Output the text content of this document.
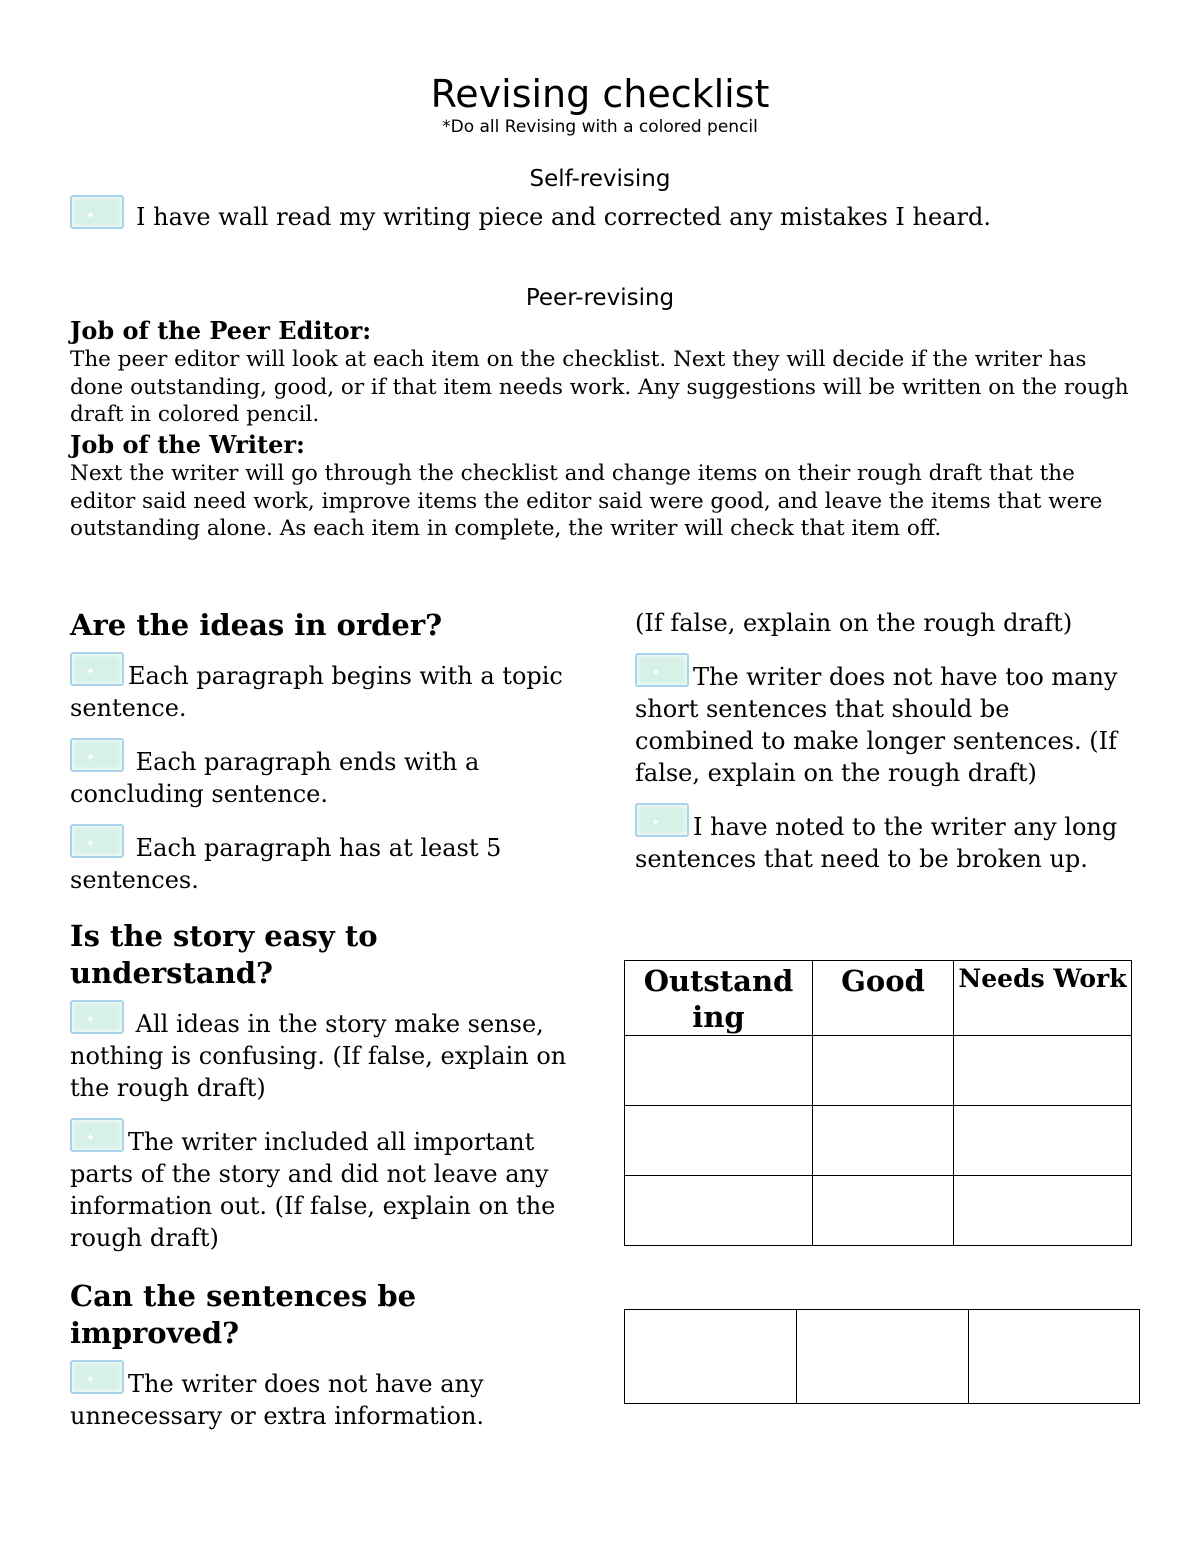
Revising checklist
*Do all Revising with a colored pencil
Self-revising
✦I have wall read my writing piece and corrected any mistakes I heard.
Peer-revising
Job of the Peer Editor:
The peer editor will look at each item on the checklist. Next they will decide if the writer has done outstanding, good, or if that item needs work. Any suggestions will be written on the rough draft in colored pencil.
Job of the Writer:
Next the writer will go through the checklist and change items on their rough draft that the editor said need work, improve items the editor said were good, and leave the items that were outstanding alone. As each item in complete, the writer will check that item off.
Are the ideas in order?

✦Each paragraph begins with a topic sentence.

✦ Each paragraph ends with a concluding sentence.

✦ Each paragraph has at least 5 sentences.

Is the story easy to understand?

✦ All ideas in the story make sense, nothing is confusing. (If false, explain on the rough draft)

✦The writer included all important parts of the story and did not leave any information out. (If false, explain on the rough draft)

Can the sentences be improved?

✦The writer does not have any unnecessary or extra information.

(If false, explain on the rough draft)

✦The writer does not have too many short sentences that should be combined to make longer sentences. (If false, explain on the rough draft)

✦I have noted to the writer any long sentences that need to be broken up.

Outstand ing	Good	Needs Work
